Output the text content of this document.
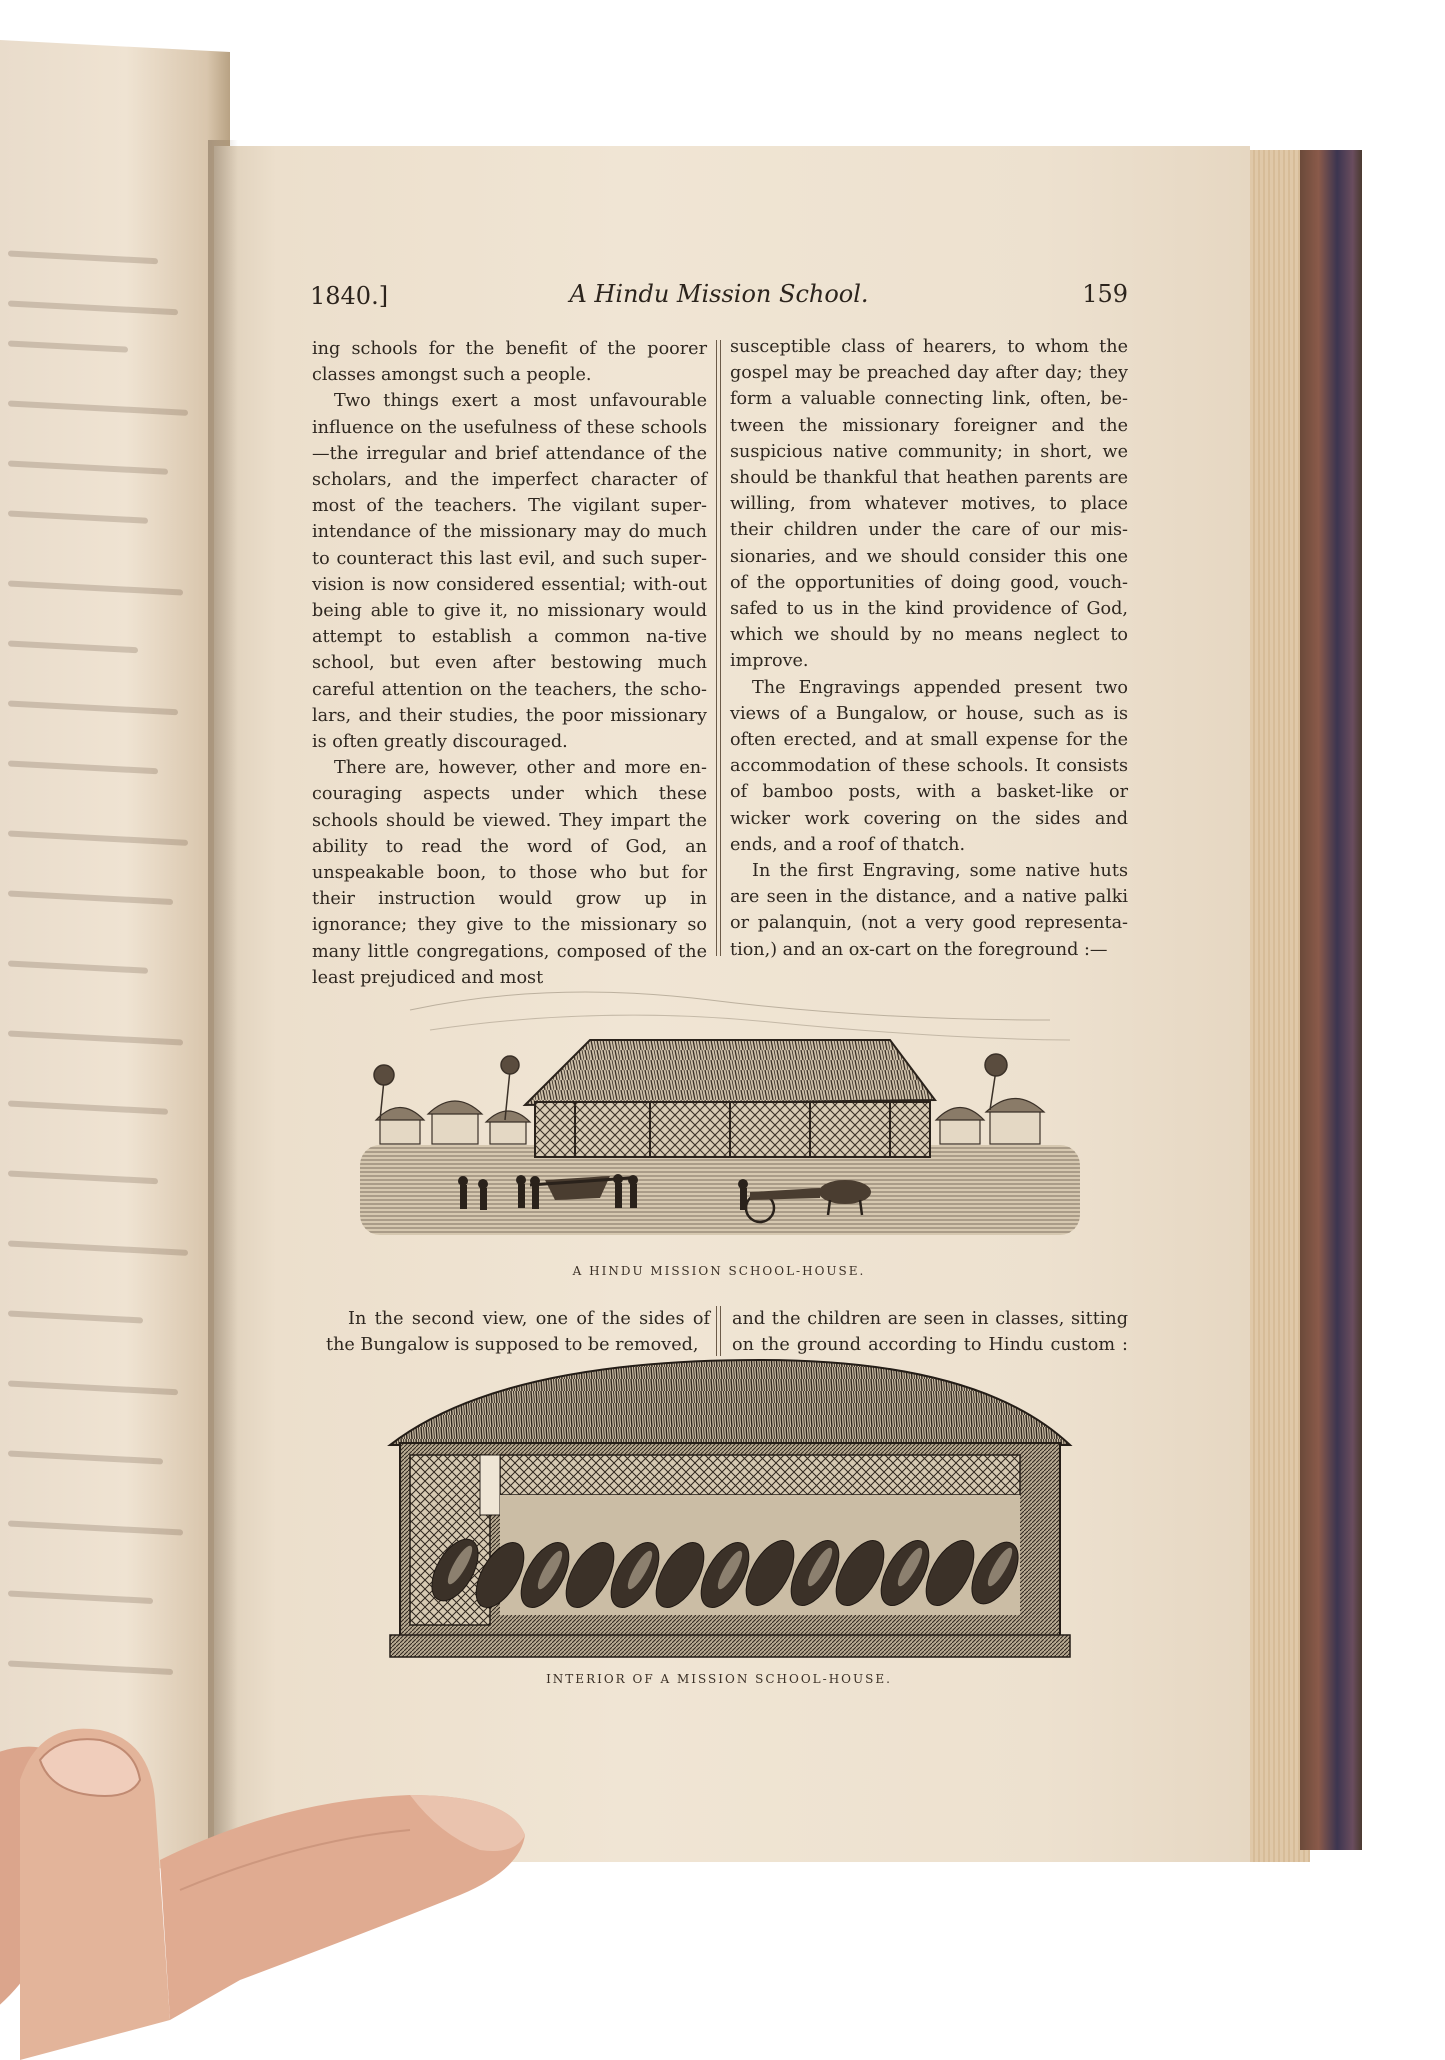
1840.]	A Hindu Mission School.	159

ing schools for the benefit of the poorer classes amongst such a people.

Two things exert a most unfavourable influence on the usefulness of these schools —the irregular and brief attendance of the scholars, and the imperfect character of most of the teachers. The vigilant super-intendance of the missionary may do much to counteract this last evil, and such super-vision is now considered essential; with-out being able to give it, no missionary would attempt to establish a common na-tive school, but even after bestowing much careful attention on the teachers, the scho-lars, and their studies, the poor missionary is often greatly discouraged.

There are, however, other and more en-couraging aspects under which these schools should be viewed. They impart the ability to read the word of God, an unspeakable boon, to those who but for their instruction would grow up in ignorance; they give to the missionary so many little congregations, composed of the least prejudiced and most

susceptible class of hearers, to whom the gospel may be preached day after day; they form a valuable connecting link, often, be-tween the missionary foreigner and the suspicious native community; in short, we should be thankful that heathen parents are willing, from whatever motives, to place their children under the care of our mis-sionaries, and we should consider this one of the opportunities of doing good, vouch-safed to us in the kind providence of God, which we should by no means neglect to improve.

The Engravings appended present two views of a Bungalow, or house, such as is often erected, and at small expense for the accommodation of these schools. It consists of bamboo posts, with a basket-like or wicker work covering on the sides and ends, and a roof of thatch.

In the first Engraving, some native huts are seen in the distance, and a native palki or palanquin, (not a very good representa-tion,) and an ox-cart on the foreground :—

A HINDU MISSION SCHOOL-HOUSE.

In the second view, one of the sides of the Bungalow is supposed to be removed,

and the children are seen in classes, sitting on the ground according to Hindu custom :

INTERIOR OF A MISSION SCHOOL-HOUSE.
